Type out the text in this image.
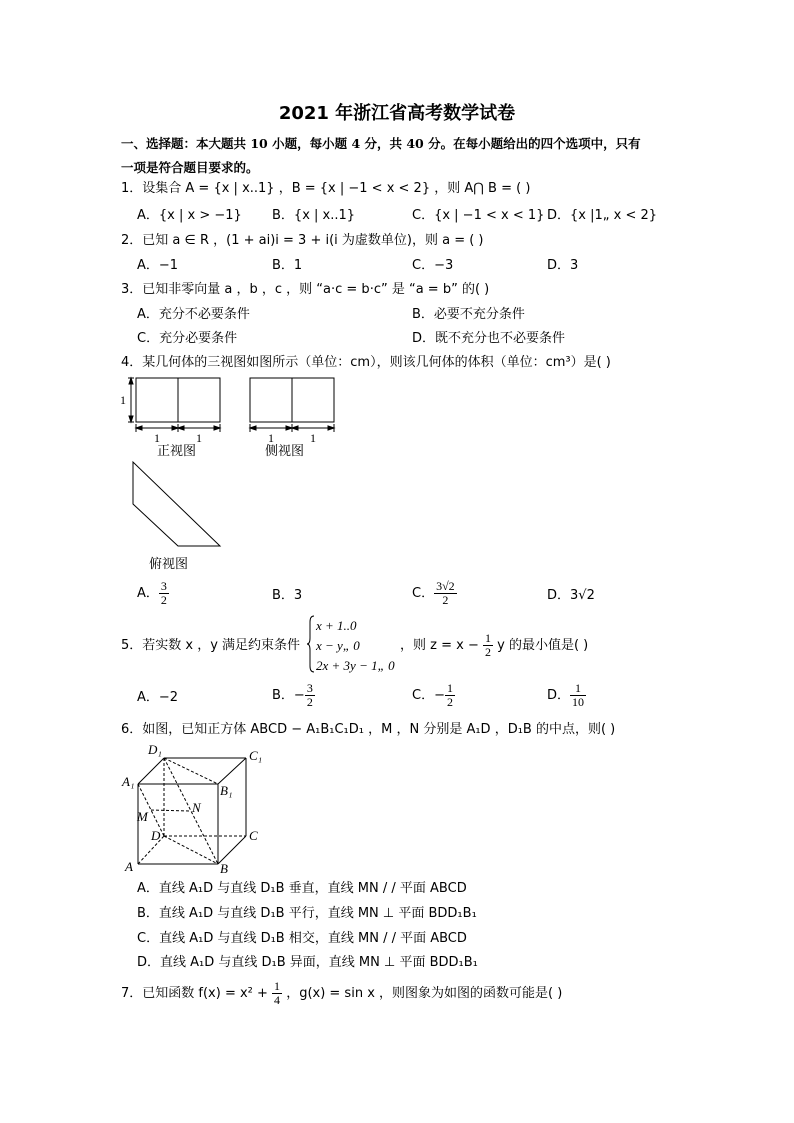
2021 年浙江省高考数学试卷
一、选择题：本大题共 10 小题，每小题 4 分，共 40 分。在每小题给出的四个选项中，只有
一项是符合题目要求的。
1．设集合 A = {x | x..1} ，B = {x | −1 < x < 2} ，则 A⋂ B = ( )
A．{x | x > −1} B．{x | x..1}	C．{x | −1 < x < 1} D．{x |1„ x < 2}
2．已知 a ∈ R ，(1 + ai)i = 3 + i(i 为虚数单位)，则 a = ( )
A．−1	B．1	C．−3	D．3
3．已知非零向量 a ，b ，c ，则 “a·c = b·c” 是 “a = b” 的( )
A．充分不必要条件	B．必要不充分条件
C．充分必要条件	D．既不充分也不必要条件
4．某几何体的三视图如图所示（单位：cm），则该几何体的体积（单位：cm³）是( )
1
1	1	1	1
正视图	侧视图
俯视图
A． $\frac{3}{2}$	B．3	C． $\frac{3√2}{2}$	D．3√2
5．若实数 x ，y 满足约束条件
x + 1..0
x − y„ 0
2x + 3y − 1„ 0
，则 $z = x - \frac{1}{2}$ y 的最小值是( )
A．−2	B．− $\frac{3}{2}$	C．− $\frac{1}{2}$	D． $\frac{1}{10}$
6．如图，已知正方体 ABCD − A₁B₁C₁D₁ ，M ，N 分别是 A₁D ，D₁B 的中点，则( )
D₁	C₁
A₁
B₁
N
M
D	C
A	B
A．直线 A₁D 与直线 D₁B 垂直，直线 MN / / 平面 ABCD
B．直线 A₁D 与直线 D₁B 平行，直线 MN ⊥ 平面 BDD₁B₁
C．直线 A₁D 与直线 D₁B 相交，直线 MN / / 平面 ABCD
D．直线 A₁D 与直线 D₁B 异面，直线 MN ⊥ 平面 BDD₁B₁
7．已知函数 $f(x) = x^2 + \frac{1}{4}$ ，g(x) = sin x ，则图象为如图的函数可能是( )
